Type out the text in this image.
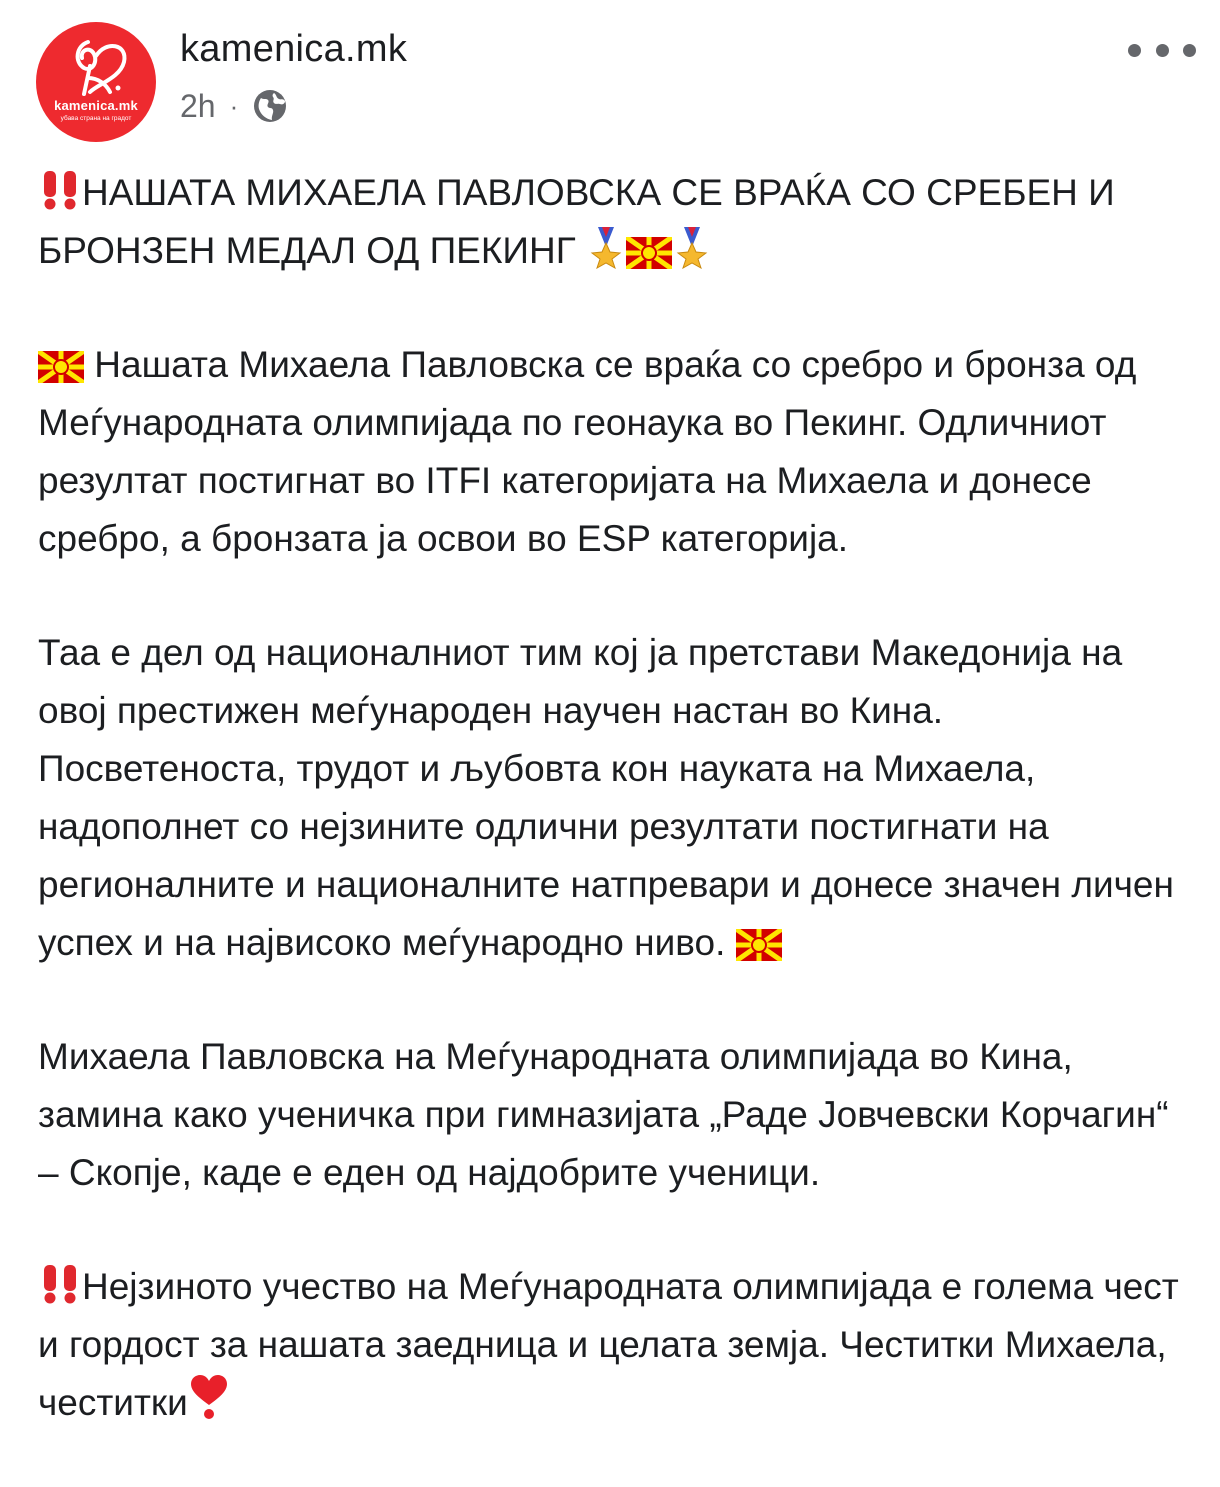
kamenica.mk
убава страна на градот
kamenica.mk
2h ·

НАШАТА МИХАЕЛА ПАВЛОВСКА СЕ ВРАЌА СО СРЕБЕН И БРОНЗЕН МЕДАЛ ОД ПЕКИНГ

Нашата Михаела Павловска се враќа со сребро и бронза од Меѓународната олимпијада по геонаука во Пекинг. Одличниот резултат постигнат во ITFI категоријата на Михаела и донесе сребро, а бронзата ја освои во ESP категорија.

Таа е дел од националниот тим кој ја претстави Македонија на овој престижен меѓународен научен настан во Кина. Посветеноста, трудот и љубовта кон науката на Михаела, надополнет со нејзините одлични резултати постигнати на регионалните и националните натпревари и донесе значен личен успех и на највисоко меѓународно ниво.

Михаела Павловска на Меѓународната олимпијада во Кина, замина како ученичка при гимназијата „Раде Јовчевски Корчагин“ – Скопје, каде е еден од најдобрите ученици.

Нејзиното учество на Меѓународната олимпијада е голема чест и гордост за нашата заедница и целата земја. Честитки Михаела, честитки
